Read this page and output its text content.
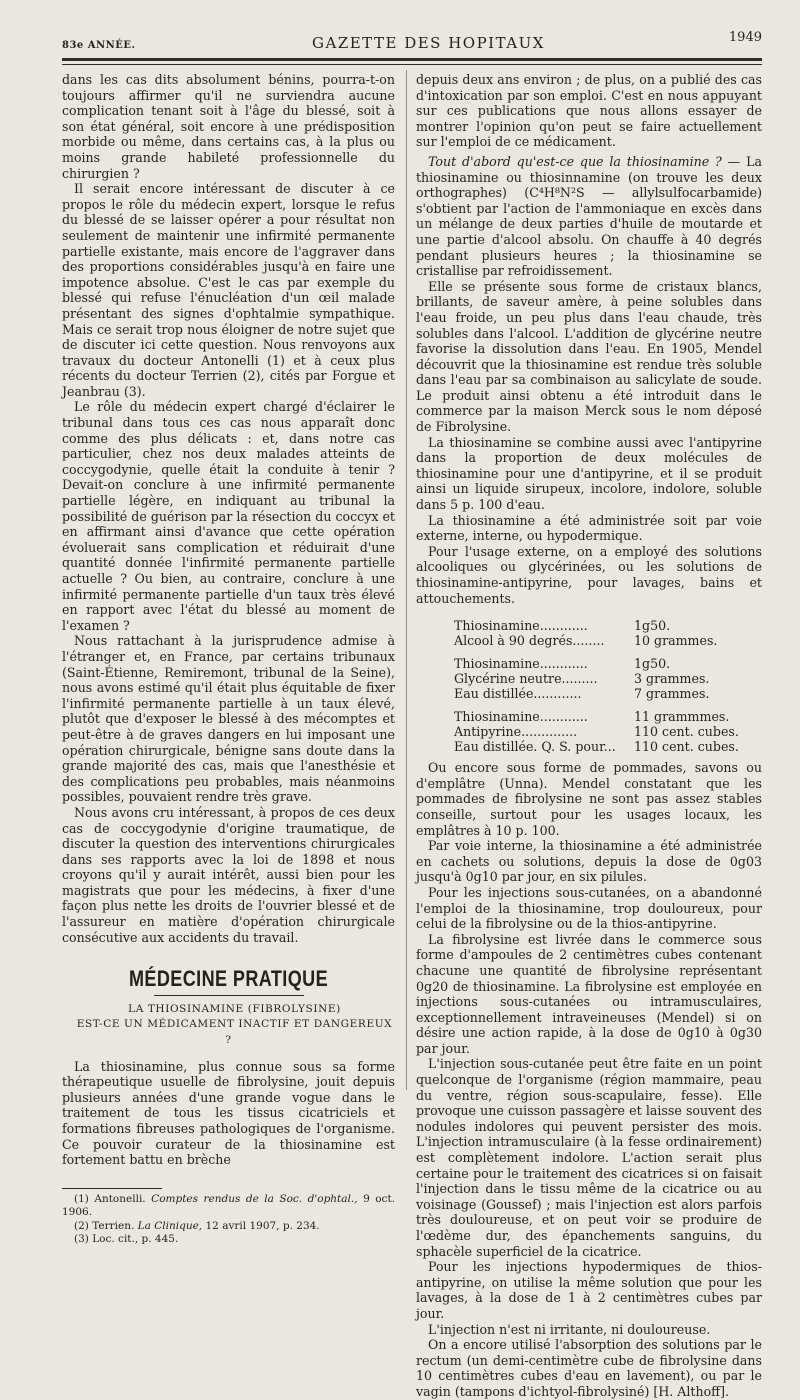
83e ANNÉE.	GAZETTE DES HOPITAUX	1949

dans les cas dits absolument bénins, pourra-t-on toujours affirmer qu'il ne surviendra aucune complication tenant soit à l'âge du blessé, soit à son état général, soit encore à une prédisposition morbide ou même, dans certains cas, à la plus ou moins grande habileté professionnelle du chirurgien ?

Il serait encore intéressant de discuter à ce propos le rôle du médecin expert, lorsque le refus du blessé de se laisser opérer a pour résultat non seulement de maintenir une infirmité permanente partielle existante, mais encore de l'aggraver dans des proportions considérables jusqu'à en faire une impotence absolue. C'est le cas par exemple du blessé qui refuse l'énucléation d'un œil malade présentant des signes d'ophtalmie sympathique. Mais ce serait trop nous éloigner de notre sujet que de discuter ici cette question. Nous renvoyons aux travaux du docteur Antonelli (1) et à ceux plus récents du docteur Terrien (2), cités par Forgue et Jeanbrau (3).

Le rôle du médecin expert chargé d'éclairer le tribunal dans tous ces cas nous apparaît donc comme des plus délicats : et, dans notre cas particulier, chez nos deux malades atteints de coccygodynie, quelle était la conduite à tenir ? Devait-on conclure à une infirmité permanente partielle légère, en indiquant au tribunal la possibilité de guérison par la résection du coccyx et en affirmant ainsi d'avance que cette opération évoluerait sans complication et réduirait d'une quantité donnée l'infirmité permanente partielle actuelle ? Ou bien, au contraire, conclure à une infirmité permanente partielle d'un taux très élevé en rapport avec l'état du blessé au moment de l'examen ?

Nous rattachant à la jurisprudence admise à l'étranger et, en France, par certains tribunaux (Saint-Étienne, Remiremont, tribunal de la Seine), nous avons estimé qu'il était plus équitable de fixer l'infirmité permanente partielle à un taux élevé, plutôt que d'exposer le blessé à des mécomptes et peut-être à de graves dangers en lui imposant une opération chirurgicale, bénigne sans doute dans la grande majorité des cas, mais que l'anesthésie et des complications peu probables, mais néanmoins possibles, pouvaient rendre très grave.

Nous avons cru intéressant, à propos de ces deux cas de coccygodynie d'origine traumatique, de discuter la question des interventions chirurgicales dans ses rapports avec la loi de 1898 et nous croyons qu'il y aurait intérêt, aussi bien pour les magistrats que pour les médecins, à fixer d'une façon plus nette les droits de l'ouvrier blessé et de l'assureur en matière d'opération chirurgicale consécutive aux accidents du travail.

MÉDECINE PRATIQUE

LA THIOSINAMINE (FIBROLYSINE)

EST-CE UN MÉDICAMENT INACTIF ET DANGEREUX ?

La thiosinamine, plus connue sous sa forme thérapeutique usuelle de fibrolysine, jouit depuis plusieurs années d'une grande vogue dans le traitement de tous les tissus cicatriciels et formations fibreuses pathologiques de l'organisme. Ce pouvoir curateur de la thiosinamine est fortement battu en brèche

(1) Antonelli. Comptes rendus de la Soc. d'ophtal., 9 oct. 1906.

(2) Terrien. La Clinique, 12 avril 1907, p. 234.

(3) Loc. cit., p. 445.

depuis deux ans environ ; de plus, on a publié des cas d'intoxication par son emploi. C'est en nous appuyant sur ces publications que nous allons essayer de montrer l'opinion qu'on peut se faire actuellement sur l'emploi de ce médicament.

Tout d'abord qu'est-ce que la thiosinamine ? — La thiosinamine ou thiosinnamine (on trouve les deux orthographes) (C⁴H⁸N²S — allylsulfocarbamide) s'obtient par l'action de l'ammoniaque en excès dans un mélange de deux parties d'huile de moutarde et une partie d'alcool absolu. On chauffe à 40 degrés pendant plusieurs heures ; la thiosinamine se cristallise par refroidissement.

Elle se présente sous forme de cristaux blancs, brillants, de saveur amère, à peine solubles dans l'eau froide, un peu plus dans l'eau chaude, très solubles dans l'alcool. L'addition de glycérine neutre favorise la dissolution dans l'eau. En 1905, Mendel découvrit que la thiosinamine est rendue très soluble dans l'eau par sa combinaison au salicylate de soude. Le produit ainsi obtenu a été introduit dans le commerce par la maison Merck sous le nom déposé de Fibrolysine.

La thiosinamine se combine aussi avec l'antipyrine dans la proportion de deux molécules de thiosinamine pour une d'antipyrine, et il se produit ainsi un liquide sirupeux, incolore, indolore, soluble dans 5 p. 100 d'eau.

La thiosinamine a été administrée soit par voie externe, interne, ou hypodermique.

Pour l'usage externe, on a employé des solutions alcooliques ou glycérinées, ou les solutions de thiosinamine-antipyrine, pour lavages, bains et attouchements.

Thiosinamine............	1g50.
Alcool à 90 degrés........	10 grammes.

Thiosinamine............	1g50.
Glycérine neutre.........	3 grammes.
Eau distillée............	7 grammes.

Thiosinamine............	11 grammmes.
Antipyrine..............	110 cent. cubes.
Eau distillée. Q. S. pour...	110 cent. cubes.

Ou encore sous forme de pommades, savons ou d'emplâtre (Unna). Mendel constatant que les pommades de fibrolysine ne sont pas assez stables conseille, surtout pour les usages locaux, les emplâtres à 10 p. 100.

Par voie interne, la thiosinamine a été administrée en cachets ou solutions, depuis la dose de 0g03 jusqu'à 0g10 par jour, en six pilules.

Pour les injections sous-cutanées, on a abandonné l'emploi de la thiosinamine, trop douloureux, pour celui de la fibrolysine ou de la thios-antipyrine.

La fibrolysine est livrée dans le commerce sous forme d'ampoules de 2 centimètres cubes contenant chacune une quantité de fibrolysine représentant 0g20 de thiosinamine. La fibrolysine est employée en injections sous-cutanées ou intramusculaires, exceptionnellement intraveineuses (Mendel) si on désire une action rapide, à la dose de 0g10 à 0g30 par jour.

L'injection sous-cutanée peut être faite en un point quelconque de l'organisme (région mammaire, peau du ventre, région sous-scapulaire, fesse). Elle provoque une cuisson passagère et laisse souvent des nodules indolores qui peuvent persister des mois. L'injection intramusculaire (à la fesse ordinairement) est complètement indolore. L'action serait plus certaine pour le traitement des cicatrices si on faisait l'injection dans le tissu même de la cicatrice ou au voisinage (Goussef) ; mais l'injection est alors parfois très douloureuse, et on peut voir se produire de l'œdème dur, des épanchements sanguins, du sphacèle superficiel de la cicatrice.

Pour les injections hypodermiques de thios-antipyrine, on utilise la même solution que pour les lavages, à la dose de 1 à 2 centimètres cubes par jour.

L'injection n'est ni irritante, ni douloureuse.

On a encore utilisé l'absorption des solutions par le rectum (un demi-centimètre cube de fibrolysine dans 10 centimètres cubes d'eau en lavement), ou par le vagin (tampons d'ichtyol-fibrolysiné) [H. Althoff].
